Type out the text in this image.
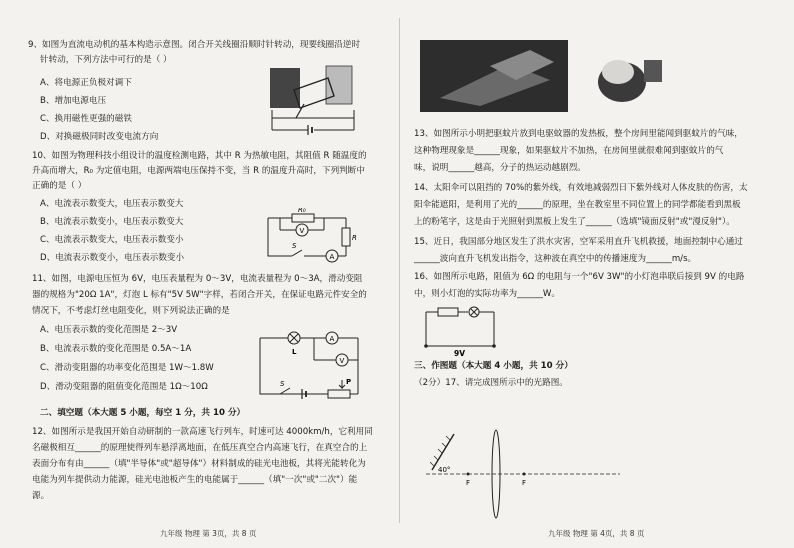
9、如图为直流电动机的基本构造示意图。闭合开关线圈沿顺时针转动，现要线圈沿逆时
针转动，下列方法中可行的是（ ）
A、将电源正负极对调下
B、增加电源电压
C、换用磁性更强的磁铁
D、对换磁极同时改变电流方向
10、如图为物理科技小组设计的温度检测电路，其中 R 为热敏电阻，其阻值 R 随温度的
升高而增大，R₀ 为定值电阻，电源两端电压保持不变，当 R 的温度升高时，下列判断中
正确的是（ ）
A、电流表示数变大，电压表示数变大
B、电流表示数变小，电压表示数变大
C、电流表示数变大，电压表示数变小
D、电流表示数变小，电压表示数变小
11、如图，电源电压恒为 6V，电压表量程为 0～3V，电流表量程为 0～3A，滑动变阻
器的规格为"20Ω 1A"，灯泡 L 标有"5V 5W"字样，若闭合开关，在保证电路元件安全的
情况下，不考虑灯丝电阻变化，则下列说法正确的是
A、电压表示数的变化范围是 2～3V
B、电流表示数的变化范围是 0.5A～1A
C、滑动变阻器的功率变化范围是 1W～1.8W
D、滑动变阻器的阻值变化范围是 1Ω～10Ω
二、填空题（本大题 5 小题，每空 1 分，共 10 分）
12、如图所示是我国开始自动研制的一款高速飞行列车，时速可达 4000km/h，它利用同
名磁极相互______的原理使得列车悬浮离地面，在低压真空合内高速飞行，在真空合的上
表面分布有由______（填"半导体"或"超导体"）材料制成的硅光电池板，其将光能转化为
电能为列车提供动力能源，硅光电池板产生的电能属于______（填"一次"或"二次"）能
源。
九年级 物理 第 3页，共 8 页
R₀
V
R
S
A
L
A
V
S	P
13、如图所示小明把驱蚊片放到电驱蚊器的发热板，整个房间里能闻到驱蚊片的气味，
这种物理现象是______现象，如果驱蚊片不加热，在房间里就很难闻到驱蚊片的气
味，说明______越高，分子的热运动越剧烈。
14、太阳伞可以阻挡的 70%的紫外线，有效地减弱烈日下紫外线对人体皮肤的伤害，太
阳伞能遮阳，是利用了光的______的原理，坐在教室里不同位置上的同学都能看到黑板
上的粉笔字，这是由于光照射到黑板上发生了______（选填"镜面反射"或"漫反射"）。
15、近日，我国部分地区发生了洪水灾害，空军采用直升飞机救援，地面控制中心通过
______波向直升飞机发出指令，这种波在真空中的传播速度为______m/s。
16、如图所示电路，阻值为 6Ω 的电阻与一个"6V 3W"的小灯泡串联后接到 9V 的电路
中，则小灯泡的实际功率为______W。
三、作图题（本大题 4 小题，共 10 分）
（2分）17、请完成图所示中的光路图。
9V
40°
F	F
九年级 物理 第 4页，共 8 页
